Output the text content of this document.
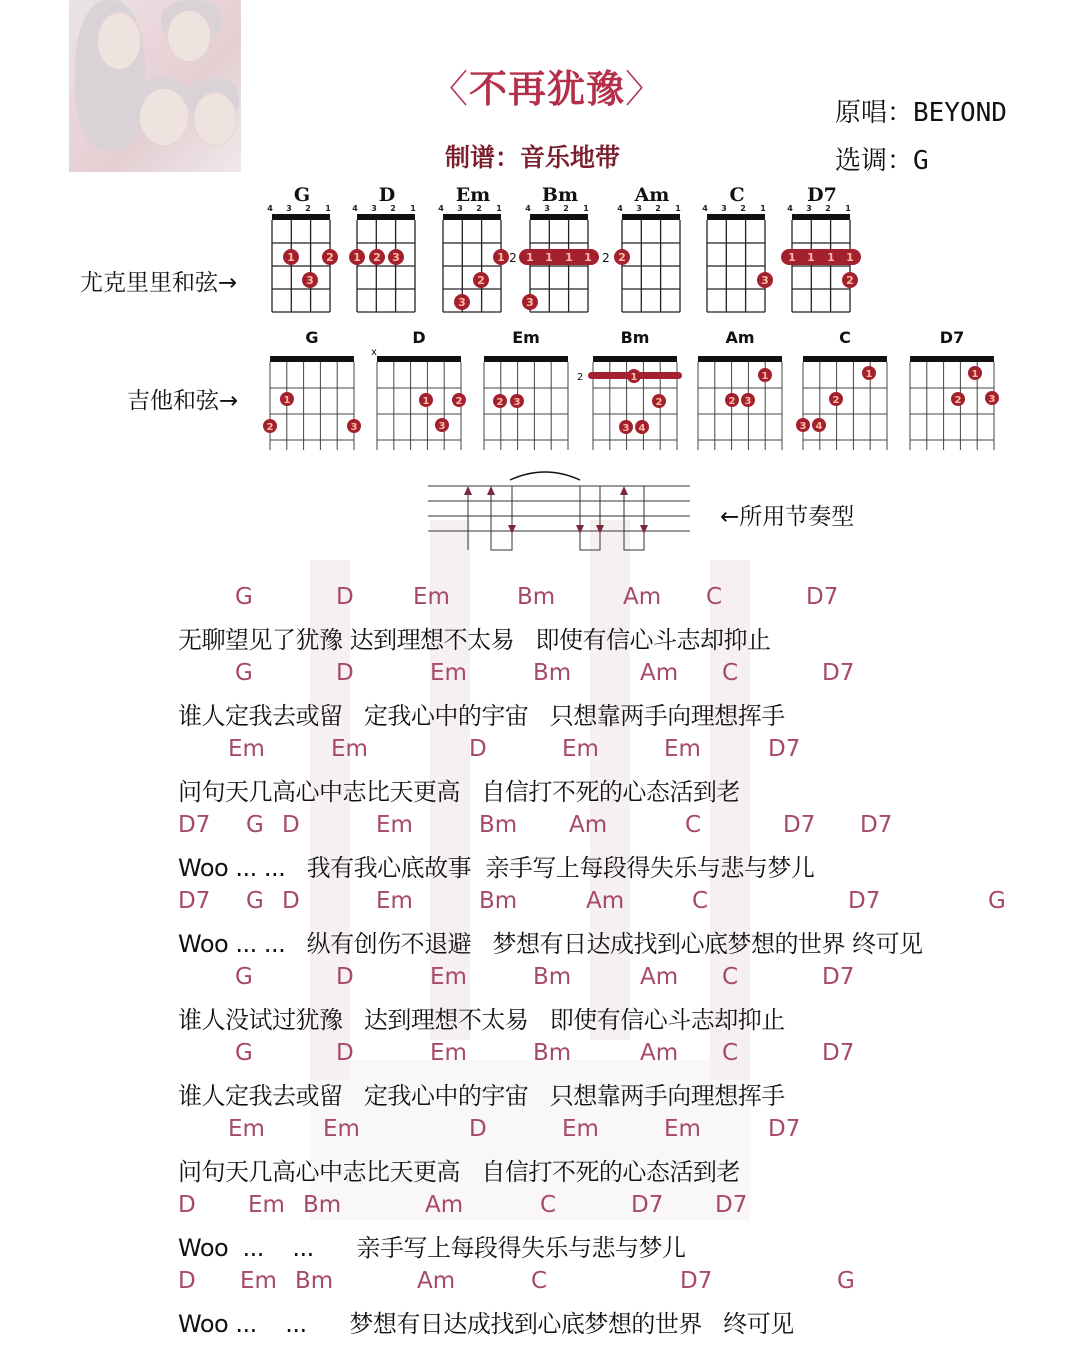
〈不再犹豫〉
制谱：音乐地带
原唱：BEYOND
选调：G
尤克里里和弦→
吉他和弦→
1	2
3
1 2 3	1
2
3
2 1 1 1 1
3
2 2
3
1 1 1 1
2
G	D	Em	Bm	Am	C	D7
1
2	3
x
1	2
3
2 3
2	1
2
3 4
1
2 3
1
2
3 4
1
2	3
G	D	Em	Bm	Am	C	D7
←所用节奏型
G	D	Em	Bm	Am C	D7
无聊望见了犹豫 达到理想不太易   即使有信心斗志却抑止
G	D	Em	Bm	Am C	D7
谁人定我去或留   定我心中的宇宙   只想靠两手向理想挥手
Em	Em	D	Em	Em	D7
问句天几高心中志比天更高   自信打不死的心态活到老
D7 G D	Em	Bm Am	C	D7 D7
Woo ... ...   我有我心底故事  亲手写上每段得失乐与悲与梦儿
D7 G D	Em	Bm	Am	C	D7	G
Woo ... ...   纵有创伤不退避   梦想有日达成找到心底梦想的世界 终可见
G	D	Em	Bm	Am C	D7
谁人没试过犹豫   达到理想不太易   即使有信心斗志却抑止
G	D	Em	Bm	Am C	D7
谁人定我去或留   定我心中的宇宙   只想靠两手向理想挥手
Em	Em	D	Em	Em	D7
问句天几高心中志比天更高   自信打不死的心态活到老
D Em Bm	Am	C	D7 D7
Woo  ...    ...      亲手写上每段得失乐与悲与梦儿
D Em Bm	Am	C	D7	G
Woo ...    ...      梦想有日达成找到心底梦想的世界   终可见
